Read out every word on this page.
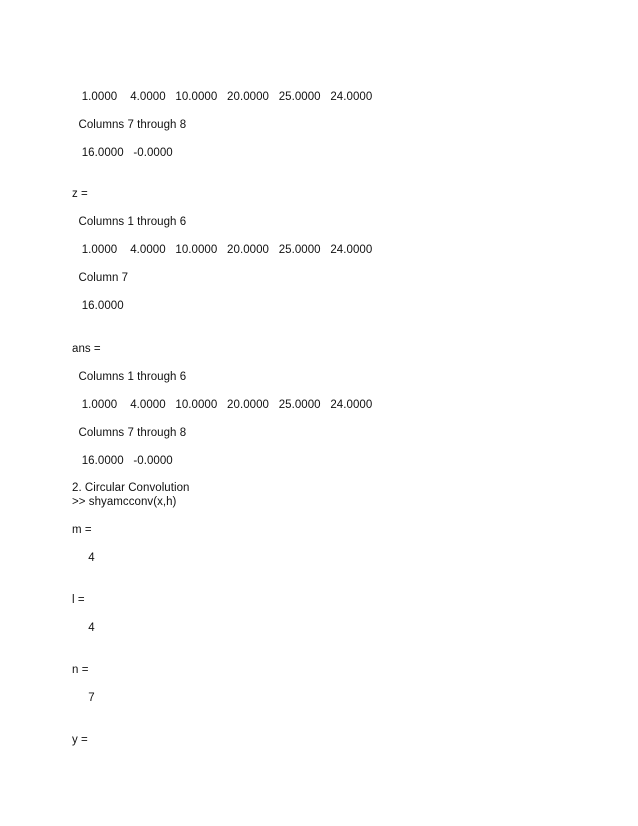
1.0000    4.0000   10.0000   20.0000   25.0000   24.0000
Columns 7 through 8
16.0000   -0.0000
z =
Columns 1 through 6
1.0000    4.0000   10.0000   20.0000   25.0000   24.0000
Column 7
16.0000
ans =
Columns 1 through 6
1.0000    4.0000   10.0000   20.0000   25.0000   24.0000
Columns 7 through 8
16.0000   -0.0000
2. Circular Convolution
>> shyamcconv(x,h)
m =
4
l =
4
n =
7
y =
